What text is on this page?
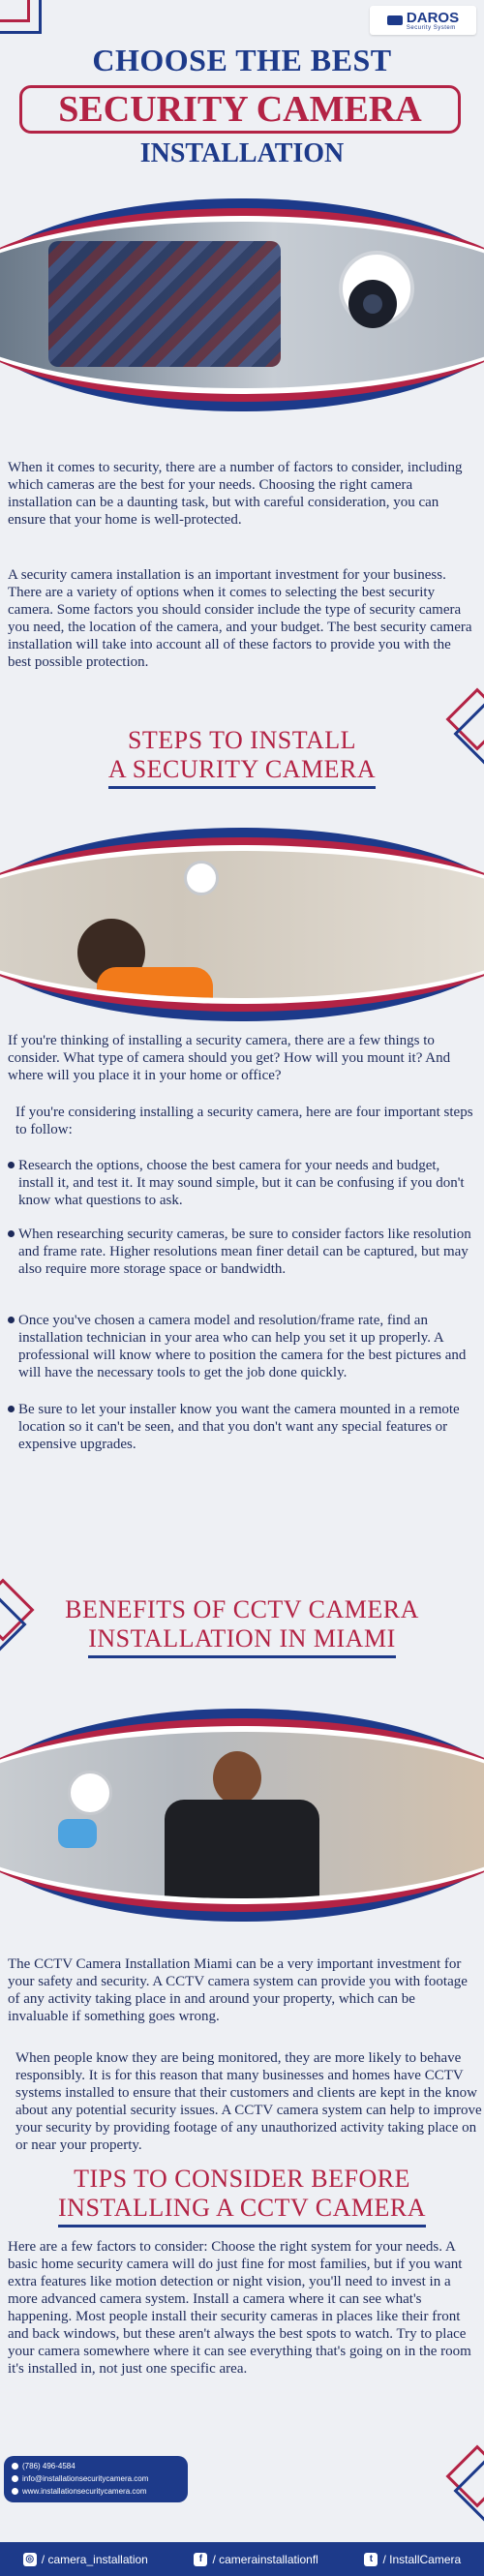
DAROS
Security System
CHOOSE THE BEST
SECURITY CAMERA
INSTALLATION

When it comes to security, there are a number of factors to consider, including which cameras are the best for your needs. Choosing the right camera installation can be a daunting task, but with careful consideration, you can ensure that your home is well-protected.

A security camera installation is an important investment for your business. There are a variety of options when it comes to selecting the best security camera. Some factors you should consider include the type of security camera you need, the location of the camera, and your budget. The best security camera installation will take into account all of these factors to provide you with the best possible protection.

STEPS TO INSTALL
A SECURITY CAMERA

If you're thinking of installing a security camera, there are a few things to consider. What type of camera should you get? How will you mount it? And where will you place it in your home or office?

If you're considering installing a security camera, here are four important steps to follow:

Research the options, choose the best camera for your needs and budget, install it, and test it. It may sound simple, but it can be confusing if you don't know what questions to ask.
When researching security cameras, be sure to consider factors like resolution and frame rate. Higher resolutions mean finer detail can be captured, but may also require more storage space or bandwidth.
Once you've chosen a camera model and resolution/frame rate, find an installation technician in your area who can help you set it up properly. A professional will know where to position the camera for the best pictures and will have the necessary tools to get the job done quickly.
Be sure to let your installer know you want the camera mounted in a remote location so it can't be seen, and that you don't want any special features or expensive upgrades.
BENEFITS OF CCTV CAMERA
INSTALLATION IN MIAMI

The CCTV Camera Installation Miami can be a very important investment for your safety and security. A CCTV camera system can provide you with footage of any activity taking place in and around your property, which can be invaluable if something goes wrong.

When people know they are being monitored, they are more likely to behave responsibly. It is for this reason that many businesses and homes have CCTV systems installed to ensure that their customers and clients are kept in the know about any potential security issues. A CCTV camera system can help to improve your security by providing footage of any unauthorized activity taking place on or near your property.

TIPS TO CONSIDER BEFORE
INSTALLING A CCTV CAMERA

Here are a few factors to consider: Choose the right system for your needs. A basic home security camera will do just fine for most families, but if you want extra features like motion detection or night vision, you'll need to invest in a more advanced camera system. Install a camera where it can see what's happening. Most people install their security cameras in places like their front and back windows, but these aren't always the best spots to watch. Try to place your camera somewhere where it can see everything that's going on in the room it's installed in, not just one specific area.

(786) 496-4584
info@installationsecuritycamera.com
www.installationsecuritycamera.com
◎ / camera_installation	f / camerainstallationfl	t / InstallCamera
